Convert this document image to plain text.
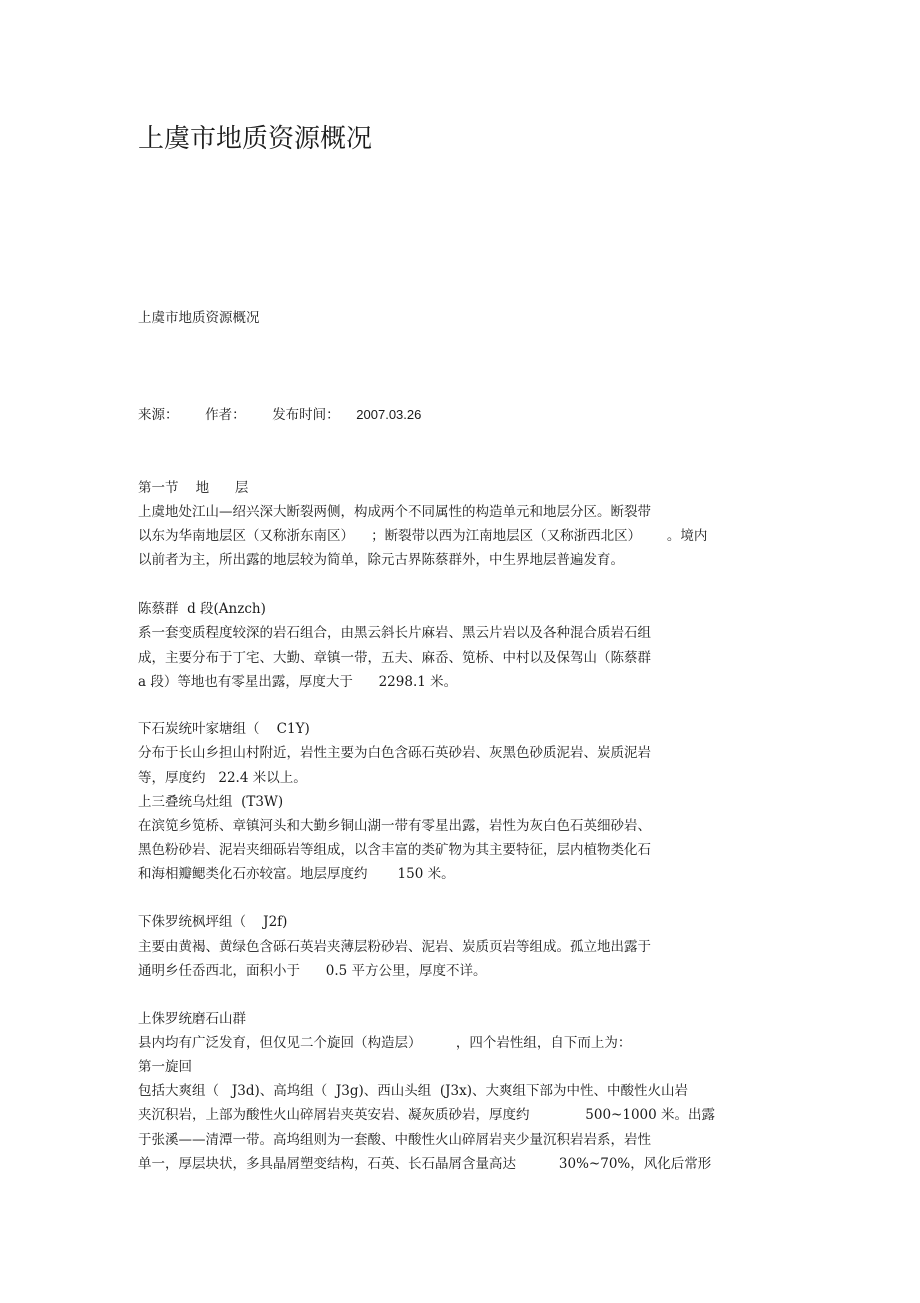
上虞市地质资源概况
上虞市地质资源概况
来源： 作者： 发布时间： 2007.03.26
第一节    地      层
上虞地处江山—绍兴深大断裂两侧，构成两个不同属性的构造单元和地层分区。断裂带
以东为华南地层区（又称浙东南区）    ；断裂带以西为江南地层区（又称浙西北区）      。境内
以前者为主，所出露的地层较为简单，除元古界陈蔡群外，中生界地层普遍发育。
陈蔡群  d 段(Anzch)
系一套变质程度较深的岩石组合，由黑云斜长片麻岩、黑云片岩以及各种混合质岩石组
成，主要分布于丁宅、大勤、章镇一带，五夫、麻岙、笕桥、中村以及保驾山（陈蔡群
a 段）等地也有零星出露，厚度大于      2298.1 米。
下石炭统叶家塘组（    C1Y)
分布于长山乡担山村附近，岩性主要为白色含砾石英砂岩、灰黑色砂质泥岩、炭质泥岩
等，厚度约   22.4 米以上。
上三叠统乌灶组  (T3W)
在滨笕乡笕桥、章镇河头和大勤乡铜山湖一带有零星出露，岩性为灰白色石英细砂岩、
黑色粉砂岩、泥岩夹细砾岩等组成，以含丰富的类矿物为其主要特征，层内植物类化石
和海相瓣鳃类化石亦较富。地层厚度约       150 米。
下侏罗统枫坪组（    J2f)
主要由黄褐、黄绿色含砾石英岩夹薄层粉砂岩、泥岩、炭质页岩等组成。孤立地出露于
通明乡任岙西北，面积小于      0.5 平方公里，厚度不详。
上侏罗统磨石山群
县内均有广泛发育，但仅见二个旋回（构造层）        ，四个岩性组，自下而上为：
第一旋回
包括大爽组（   J3d)、高坞组（  J3g)、西山头组  (J3x)、大爽组下部为中性、中酸性火山岩
夹沉积岩，上部为酸性火山碎屑岩夹英安岩、凝灰质砂岩，厚度约             500~1000 米。出露
于张溪——清潭一带。高坞组则为一套酸、中酸性火山碎屑岩夹少量沉积岩岩系，岩性
单一，厚层块状，多具晶屑塑变结构，石英、长石晶屑含量高达          30%~70%，风化后常形
